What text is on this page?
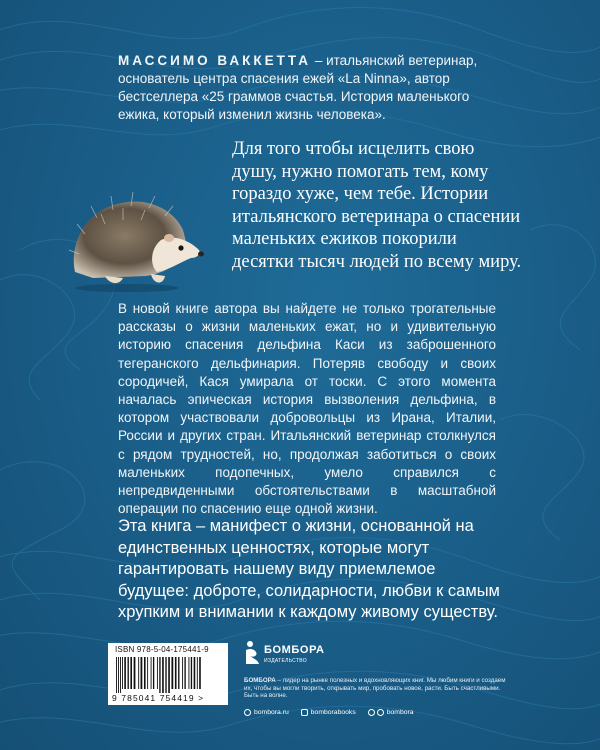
МАССИМО ВАККЕТТА – итальянский ветеринар, основатель центра спасения ежей «La Ninna», автор бестселлера «25 граммов счастья. История маленького ежика, который изменил жизнь человека».
Для того чтобы исцелить свою душу, нужно помогать тем, кому гораздо хуже, чем тебе. Истории итальянского ветеринара о спасении маленьких ежиков покорили десятки тысяч людей по всему миру.
В новой книге автора вы найдете не только трогательные рассказы о жизни маленьких ежат, но и удивительную историю спасения дельфина Каси из заброшенного тегеранского дельфинария. Потеряв свободу и своих сородичей, Кася умирала от тоски. С этого момента началась эпическая история вызволения дельфина, в котором участвовали добровольцы из Ирана, Италии, России и других стран. Итальянский ветеринар столкнулся с рядом трудностей, но, продолжая заботиться о своих маленьких подопечных, умело справился с непредвиденными обстоятельствами в масштабной операции по спасению еще одной жизни.
Эта книга – манифест о жизни, основанной на единственных ценностях, которые могут гарантировать нашему виду приемлемое будущее: доброте, солидарности, любви к самым хрупким и внимании к каждому живому существу.
ISBN 978-5-04-175441-9
9 785041 754419 >
БОМБОРА
ИЗДАТЕЛЬСТВО
БОМБОРА – лидер на рынке полезных и вдохновляющих книг. Мы любим книги и создаем их, чтобы вы могли творить, открывать мир, пробовать новое, расти. Быть счастливыми. Быть на волне.
bombora.ru	bomborabooks	bombora
